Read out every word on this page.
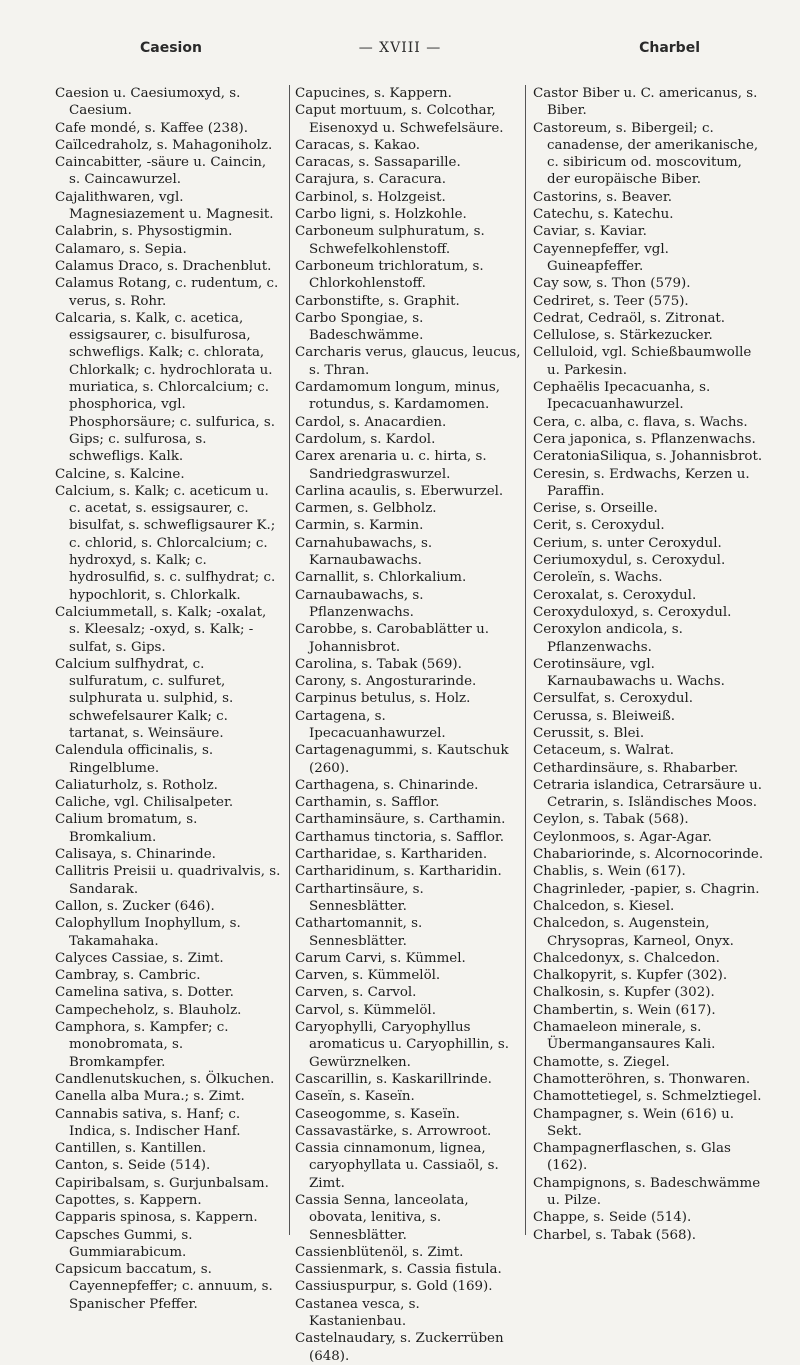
Caesion	— XVIII —	Charbel

Caesion u. Caesiumoxyd, s. Caesium.

Cafe mondé, s. Kaffee (238).

Caïlcedraholz, s. Mahagoniholz.

Caincabitter, -säure u. Caincin, s. Caincawurzel.

Cajalithwaren, vgl. Magnesiazement u. Magnesit.

Calabrin, s. Physostigmin.

Calamaro, s. Sepia.

Calamus Draco, s. Drachenblut.

Calamus Rotang, c. rudentum, c. verus, s. Rohr.

Calcaria, s. Kalk, c. acetica, essigsaurer, c. bisulfurosa, schwefligs. Kalk; c. chlorata, Chlorkalk; c. hydrochlorata u. muriatica, s. Chlorcalcium; c. phosphorica, vgl. Phosphorsäure; c. sulfurica, s. Gips; c. sulfurosa, s. schwefligs. Kalk.

Calcine, s. Kalcine.

Calcium, s. Kalk; c. aceticum u. c. acetat, s. essigsaurer, c. bisulfat, s. schwefligsaurer K.; c. chlorid, s. Chlorcalcium; c. hydroxyd, s. Kalk; c. hydrosulfid, s. c. sulfhydrat; c. hypochlorit, s. Chlorkalk.

Calciummetall, s. Kalk; -oxalat, s. Kleesalz; -oxyd, s. Kalk; -sulfat, s. Gips.

Calcium sulfhydrat, c. sulfuratum, c. sulfuret, sulphurata u. sulphid, s. schwefelsaurer Kalk; c. tartanat, s. Weinsäure.

Calendula officinalis, s. Ringelblume.

Caliaturholz, s. Rotholz.

Caliche, vgl. Chilisalpeter.

Calium bromatum, s. Bromkalium.

Calisaya, s. Chinarinde.

Callitris Preisii u. quadrivalvis, s. Sandarak.

Callon, s. Zucker (646).

Calophyllum Inophyllum, s. Takamahaka.

Calyces Cassiae, s. Zimt.

Cambray, s. Cambric.

Camelina sativa, s. Dotter.

Campecheholz, s. Blauholz.

Camphora, s. Kampfer; c. monobromata, s. Bromkampfer.

Candlenutskuchen, s. Ölkuchen.

Canella alba Mura.; s. Zimt.

Cannabis sativa, s. Hanf; c. Indica, s. Indischer Hanf.

Cantillen, s. Kantillen.

Canton, s. Seide (514).

Capiribalsam, s. Gurjunbalsam.

Capottes, s. Kappern.

Capparis spinosa, s. Kappern.

Capsches Gummi, s. Gummiarabicum.

Capsicum baccatum, s. Cayennepfeffer; c. annuum, s. Spanischer Pfeffer.

Capucines, s. Kappern.

Caput mortuum, s. Colcothar, Eisenoxyd u. Schwefelsäure.

Caracas, s. Kakao.

Caracas, s. Sassaparille.

Carajura, s. Caracura.

Carbinol, s. Holzgeist.

Carbo ligni, s. Holzkohle.

Carboneum sulphuratum, s. Schwefelkohlenstoff.

Carboneum trichloratum, s. Chlorkohlenstoff.

Carbonstifte, s. Graphit.

Carbo Spongiae, s. Badeschwämme.

Carcharis verus, glaucus, leucus, s. Thran.

Cardamomum longum, minus, rotundus, s. Kardamomen.

Cardol, s. Anacardien.

Cardolum, s. Kardol.

Carex arenaria u. c. hirta, s. Sandriedgraswurzel.

Carlina acaulis, s. Eberwurzel.

Carmen, s. Gelbholz.

Carmin, s. Karmin.

Carnahubawachs, s. Karnaubawachs.

Carnallit, s. Chlorkalium.

Carnaubawachs, s. Pflanzenwachs.

Carobbe, s. Carobablätter u. Johannisbrot.

Carolina, s. Tabak (569).

Carony, s. Angosturarinde.

Carpinus betulus, s. Holz.

Cartagena, s. Ipecacuanhawurzel.

Cartagenagummi, s. Kautschuk (260).

Carthagena, s. Chinarinde.

Carthamin, s. Safflor.

Carthaminsäure, s. Carthamin.

Carthamus tinctoria, s. Safflor.

Cartharidae, s. Karthariden.

Cartharidinum, s. Kartharidin.

Carthartinsäure, s. Sennesblätter.

Cathartomannit, s. Sennesblätter.

Carum Carvi, s. Kümmel.

Carven, s. Kümmelöl.

Carven, s. Carvol.

Carvol, s. Kümmelöl.

Caryophylli, Caryophyllus aromaticus u. Caryophillin, s. Gewürznelken.

Cascarillin, s. Kaskarillrinde.

Caseïn, s. Kaseïn.

Caseogomme, s. Kaseïn.

Cassavastärke, s. Arrowroot.

Cassia cinnamonum, lignea, caryophyllata u. Cassiaöl, s. Zimt.

Cassia Senna, lanceolata, obovata, lenitiva, s. Sennesblätter.

Cassienblütenöl, s. Zimt.

Cassienmark, s. Cassia fistula.

Cassiuspurpur, s. Gold (169).

Castanea vesca, s. Kastanienbau.

Castelnaudary, s. Zuckerrüben (648).

Castor Biber u. C. americanus, s. Biber.

Castoreum, s. Bibergeil; c. canadense, der amerikanische, c. sibiricum od. moscovitum, der europäische Biber.

Castorins, s. Beaver.

Catechu, s. Katechu.

Caviar, s. Kaviar.

Cayennepfeffer, vgl. Guineapfeffer.

Cay sow, s. Thon (579).

Cedriret, s. Teer (575).

Cedrat, Cedraöl, s. Zitronat.

Cellulose, s. Stärkezucker.

Celluloid, vgl. Schießbaumwolle u. Parkesin.

Cephaëlis Ipecacuanha, s. Ipecacuanhawurzel.

Cera, c. alba, c. flava, s. Wachs.

Cera japonica, s. Pflanzenwachs.

CeratoniaSiliqua, s. Johannisbrot.

Ceresin, s. Erdwachs, Kerzen u. Paraffin.

Cerise, s. Orseille.

Cerit, s. Ceroxydul.

Cerium, s. unter Ceroxydul.

Ceriumoxydul, s. Ceroxydul.

Ceroleïn, s. Wachs.

Ceroxalat, s. Ceroxydul.

Ceroxyduloxyd, s. Ceroxydul.

Ceroxylon andicola, s. Pflanzenwachs.

Cerotinsäure, vgl. Karnaubawachs u. Wachs.

Cersulfat, s. Ceroxydul.

Cerussa, s. Bleiweiß.

Cerussit, s. Blei.

Cetaceum, s. Walrat.

Cethardinsäure, s. Rhabarber.

Cetraria islandica, Cetrarsäure u. Cetrarin, s. Isländisches Moos.

Ceylon, s. Tabak (568).

Ceylonmoos, s. Agar-Agar.

Chabariorinde, s. Alcornocorinde.

Chablis, s. Wein (617).

Chagrinleder, -papier, s. Chagrin.

Chalcedon, s. Kiesel.

Chalcedon, s. Augenstein, Chrysopras, Karneol, Onyx.

Chalcedonyx, s. Chalcedon.

Chalkopyrit, s. Kupfer (302).

Chalkosin, s. Kupfer (302).

Chambertin, s. Wein (617).

Chamaeleon minerale, s. Übermangansaures Kali.

Chamotte, s. Ziegel.

Chamotteröhren, s. Thonwaren.

Chamottetiegel, s. Schmelztiegel.

Champagner, s. Wein (616) u. Sekt.

Champagnerflaschen, s. Glas (162).

Champignons, s. Badeschwämme u. Pilze.

Chappe, s. Seide (514).

Charbel, s. Tabak (568).
